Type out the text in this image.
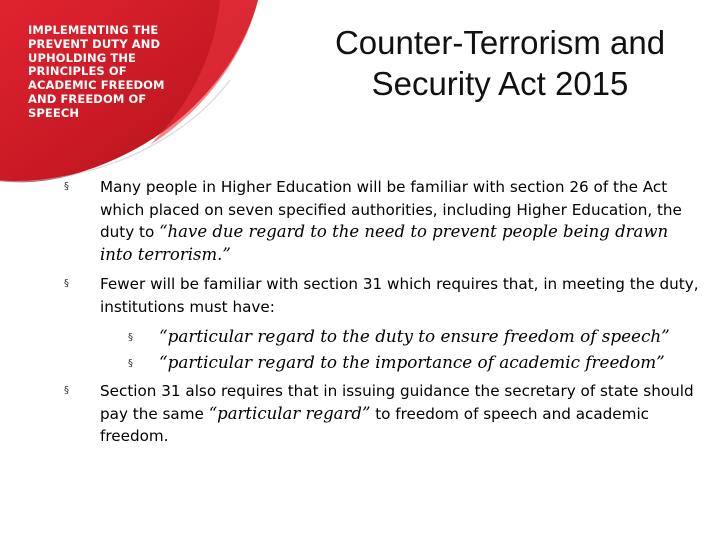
IMPLEMENTING THE
PREVENT DUTY AND
UPHOLDING THE
PRINCIPLES OF
ACADEMIC FREEDOM
AND FREEDOM OF
SPEECH
Counter-Terrorism and
Security Act 2015
§ Many people in Higher Education will be familiar with section 26 of the Act which placed on seven specified authorities, including Higher Education, the duty to “have due regard to the need to prevent people being drawn into terrorism.”
§ Fewer will be familiar with section 31 which requires that, in meeting the duty, institutions must have:
§ “particular regard to the duty to ensure freedom of speech”
§ “particular regard to the importance of academic freedom”
§ Section 31 also requires that in issuing guidance the secretary of state should pay the same “particular regard” to freedom of speech and academic freedom.
